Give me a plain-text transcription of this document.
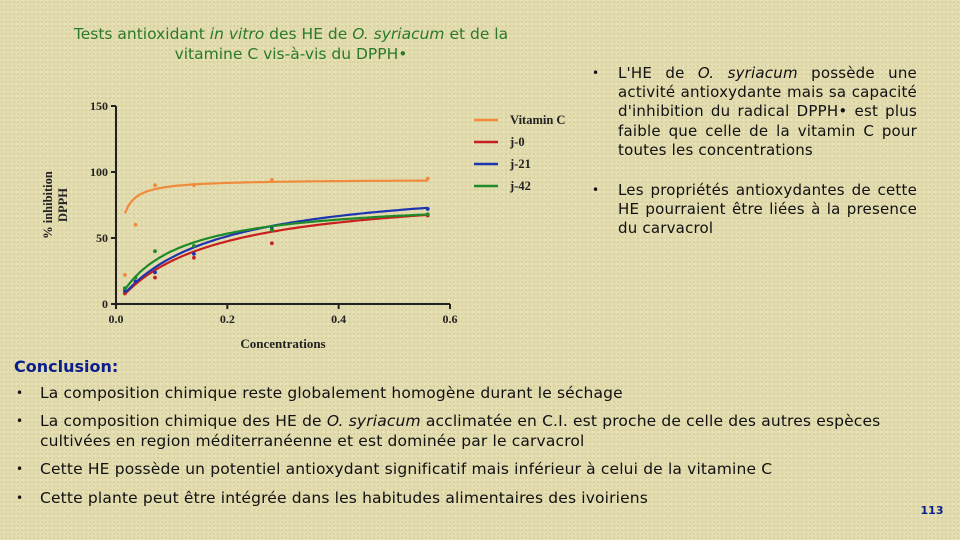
Tests antioxidant in vitro des HE de O. syriacum et de la
vitamine C vis-à-vis du DPPH•
0
50
100
150
0.0	0.2	0.4	0.6
Concentrations
% inhibitionDPPH
Vitamin C
j-0
j-21
j-42
• L'HE de O. syriacum possède une activité antioxydante mais sa capacité d'inhibition du radical DPPH• est plus faible que celle de la vitamin C pour toutes les concentrations
• Les propriétés antioxydantes de cette HE pourraient être liées à la presence du carvacrol
Conclusion:
• La composition chimique reste globalement homogène durant le séchage
• La composition chimique des HE de O. syriacum acclimatée en C.I. est proche de celle des autres espèces cultivées en region méditerranéenne et est dominée par le carvacrol
• Cette HE possède un potentiel antioxydant significatif mais inférieur à celui de la vitamine C
• Cette plante peut être intégrée dans les habitudes alimentaires des ivoiriens
113
